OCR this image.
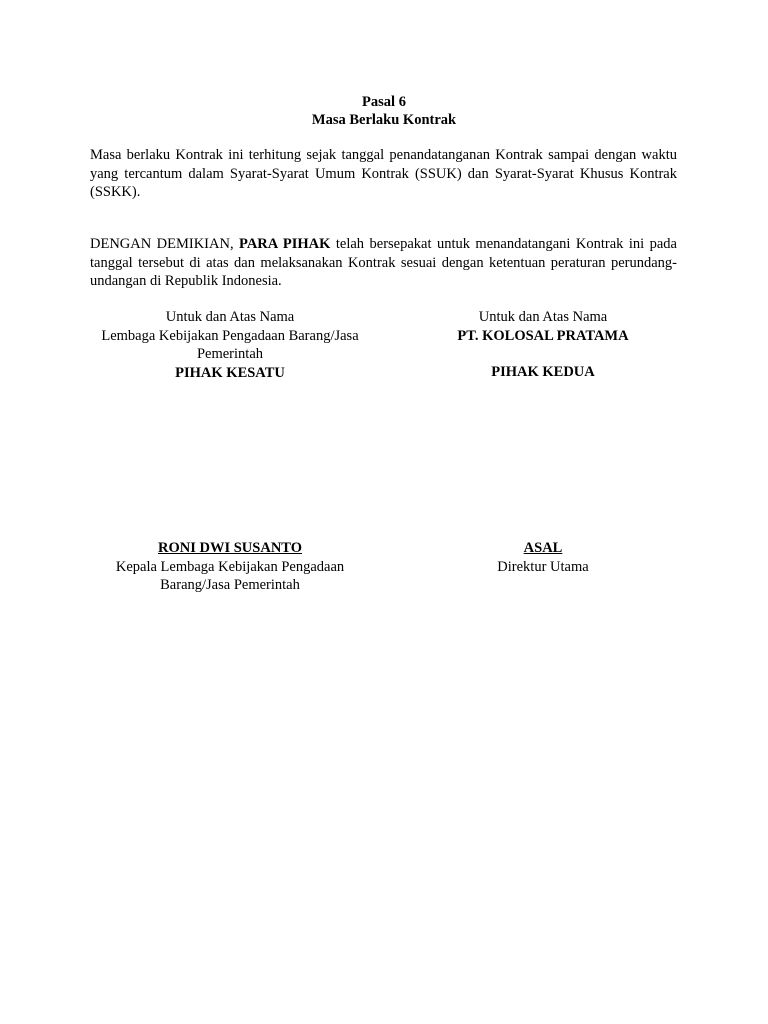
Pasal 6
Masa Berlaku Kontrak
Masa berlaku Kontrak ini terhitung sejak tanggal penandatanganan Kontrak sampai dengan waktu yang tercantum dalam Syarat-Syarat Umum Kontrak (SSUK) dan Syarat-Syarat Khusus Kontrak (SSKK).
DENGAN DEMIKIAN, PARA PIHAK telah bersepakat untuk menandatangani Kontrak ini pada tanggal tersebut di atas dan melaksanakan Kontrak sesuai dengan ketentuan peraturan perundang-undangan di Republik Indonesia.
Untuk dan Atas Nama
Lembaga Kebijakan Pengadaan Barang/Jasa Pemerintah
PIHAK KESATU
Untuk dan Atas Nama
PT. KOLOSAL PRATAMA
PIHAK KEDUA
RONI DWI SUSANTO
Kepala Lembaga Kebijakan Pengadaan Barang/Jasa Pemerintah
ASAL
Direktur Utama
